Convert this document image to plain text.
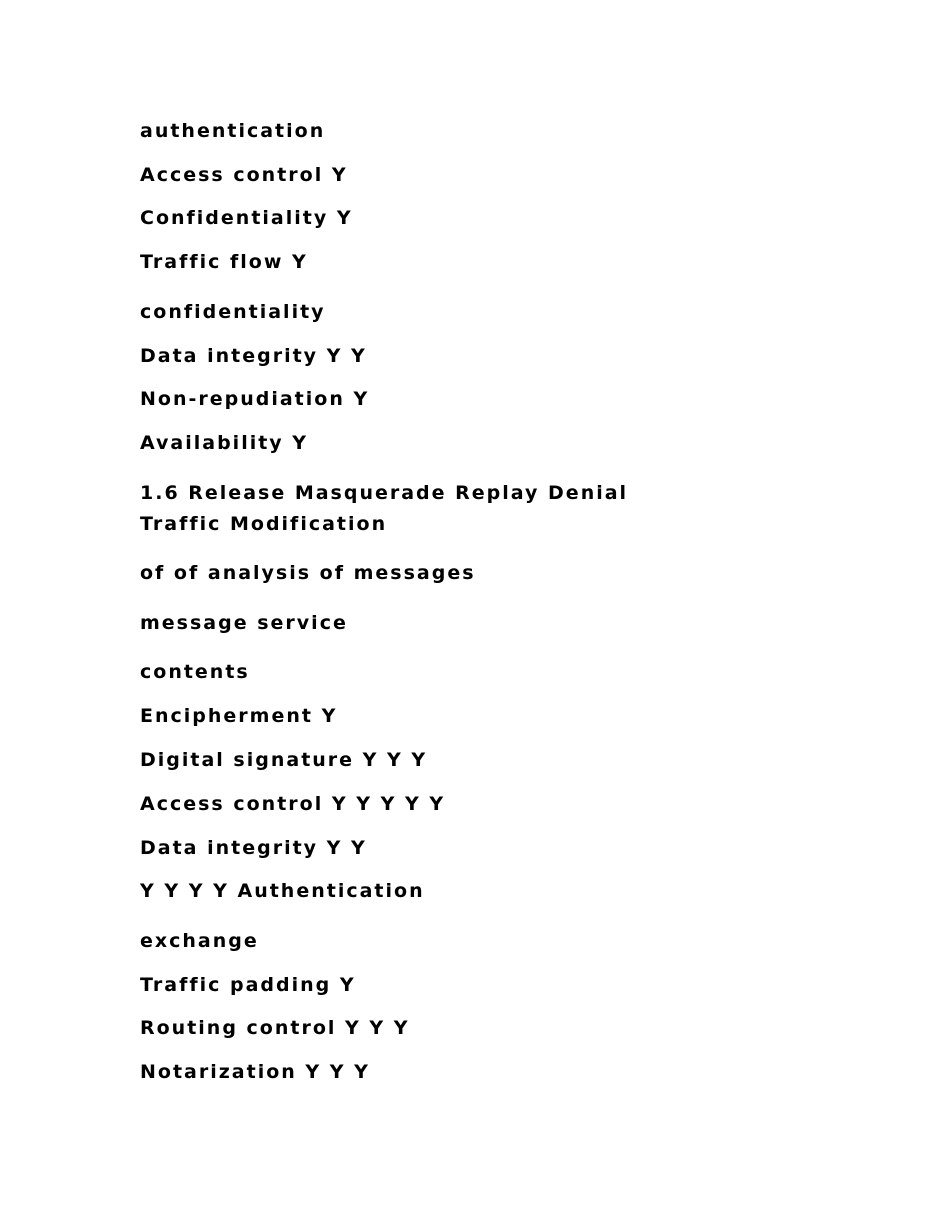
authentication

Access control Y

Confidentiality Y

Traffic flow Y

confidentiality

Data integrity Y Y

Non-repudiation Y

Availability Y

1.6 Release Masquerade Replay Denial Traffic Modification

of of analysis of messages

message service

contents

Encipherment Y

Digital signature Y Y Y

Access control Y Y Y Y Y

Data integrity Y Y

Y Y Y Y Authentication

exchange

Traffic padding Y

Routing control Y Y Y

Notarization Y Y Y
